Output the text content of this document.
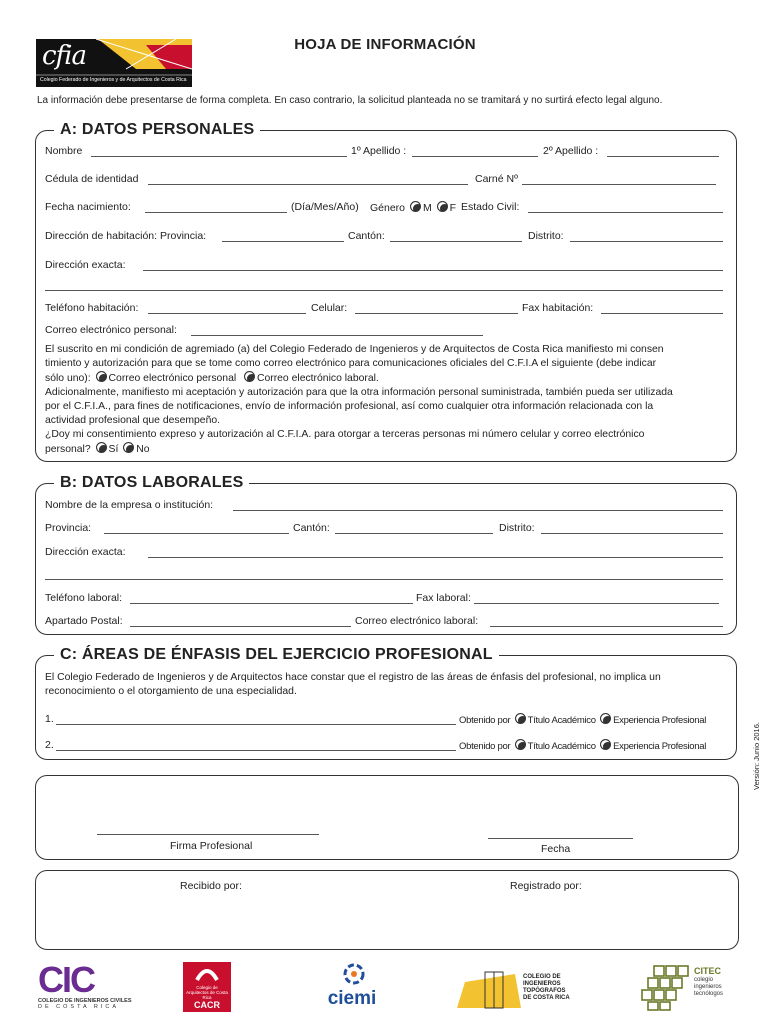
cfia
Colegio Federado de Ingenieros y de Arquitectos de Costa Rica
HOJA DE INFORMACIÓN
La información debe presentarse de forma completa. En caso contrario, la solicitud planteada no se tramitará y no surtirá efecto legal alguno.
A: DATOS PERSONALES
Nombre	1º Apellido :	2º Apellido :
Cédula de identidad	Carné Nº
Fecha nacimiento:	(Día/Mes/Año) Género M F Estado Civil:
Dirección de habitación: Provincia:	Cantón:	Distrito:
Dirección exacta:
Teléfono habitación:	Celular:	Fax habitación:
Correo electrónico personal:
El suscrito en mi condición de agremiado (a) del Colegio Federado de Ingenieros y de Arquitectos de Costa Rica manifiesto mi consen
timiento y autorización para que se tome como correo electrónico para comunicaciones oficiales del C.F.I.A el siguiente (debe indicar
sólo uno): Correo electrónico personal Correo electrónico laboral.
Adicionalmente, manifiesto mi aceptación y autorización para que la otra información personal suministrada, también pueda ser utilizada
por el C.F.I.A., para fines de notificaciones, envío de información profesional, así como cualquier otra información relacionada con la
actividad profesional que desempeño.
¿Doy mi consentimiento expreso y autorización al C.F.I.A. para otorgar a terceras personas mi número celular y correo electrónico
personal? Sí No
B: DATOS LABORALES
Nombre de la empresa o institución:
Provincia:	Cantón:	Distrito:
Dirección exacta:
Teléfono laboral:	Fax laboral:
Apartado Postal:	Correo electrónico laboral:
C: ÁREAS DE ÉNFASIS DEL EJERCICIO PROFESIONAL
El Colegio Federado de Ingenieros y de Arquitectos hace constar que el registro de las áreas de énfasis del profesional, no implica un
reconocimiento o el otorgamiento de una especialidad.
1.	Obtenido por Título Académico Experiencia Profesional
2.	Obtenido por Título Académico Experiencia Profesional
Firma Profesional	Fecha
Versión: Junio 2016.
Recibido por:	Registrado por:
CIC
COLEGIO DE INGENIEROS CIVILES
DE COSTA RICA
Colegio de Arquitectos de Costa Rica
CACR	ciemi
COLEGIO DE
INGENIEROS
TOPÓGRAFOS
DE COSTA RICA
CITEC
colegio
ingenieros
tecnólogos
